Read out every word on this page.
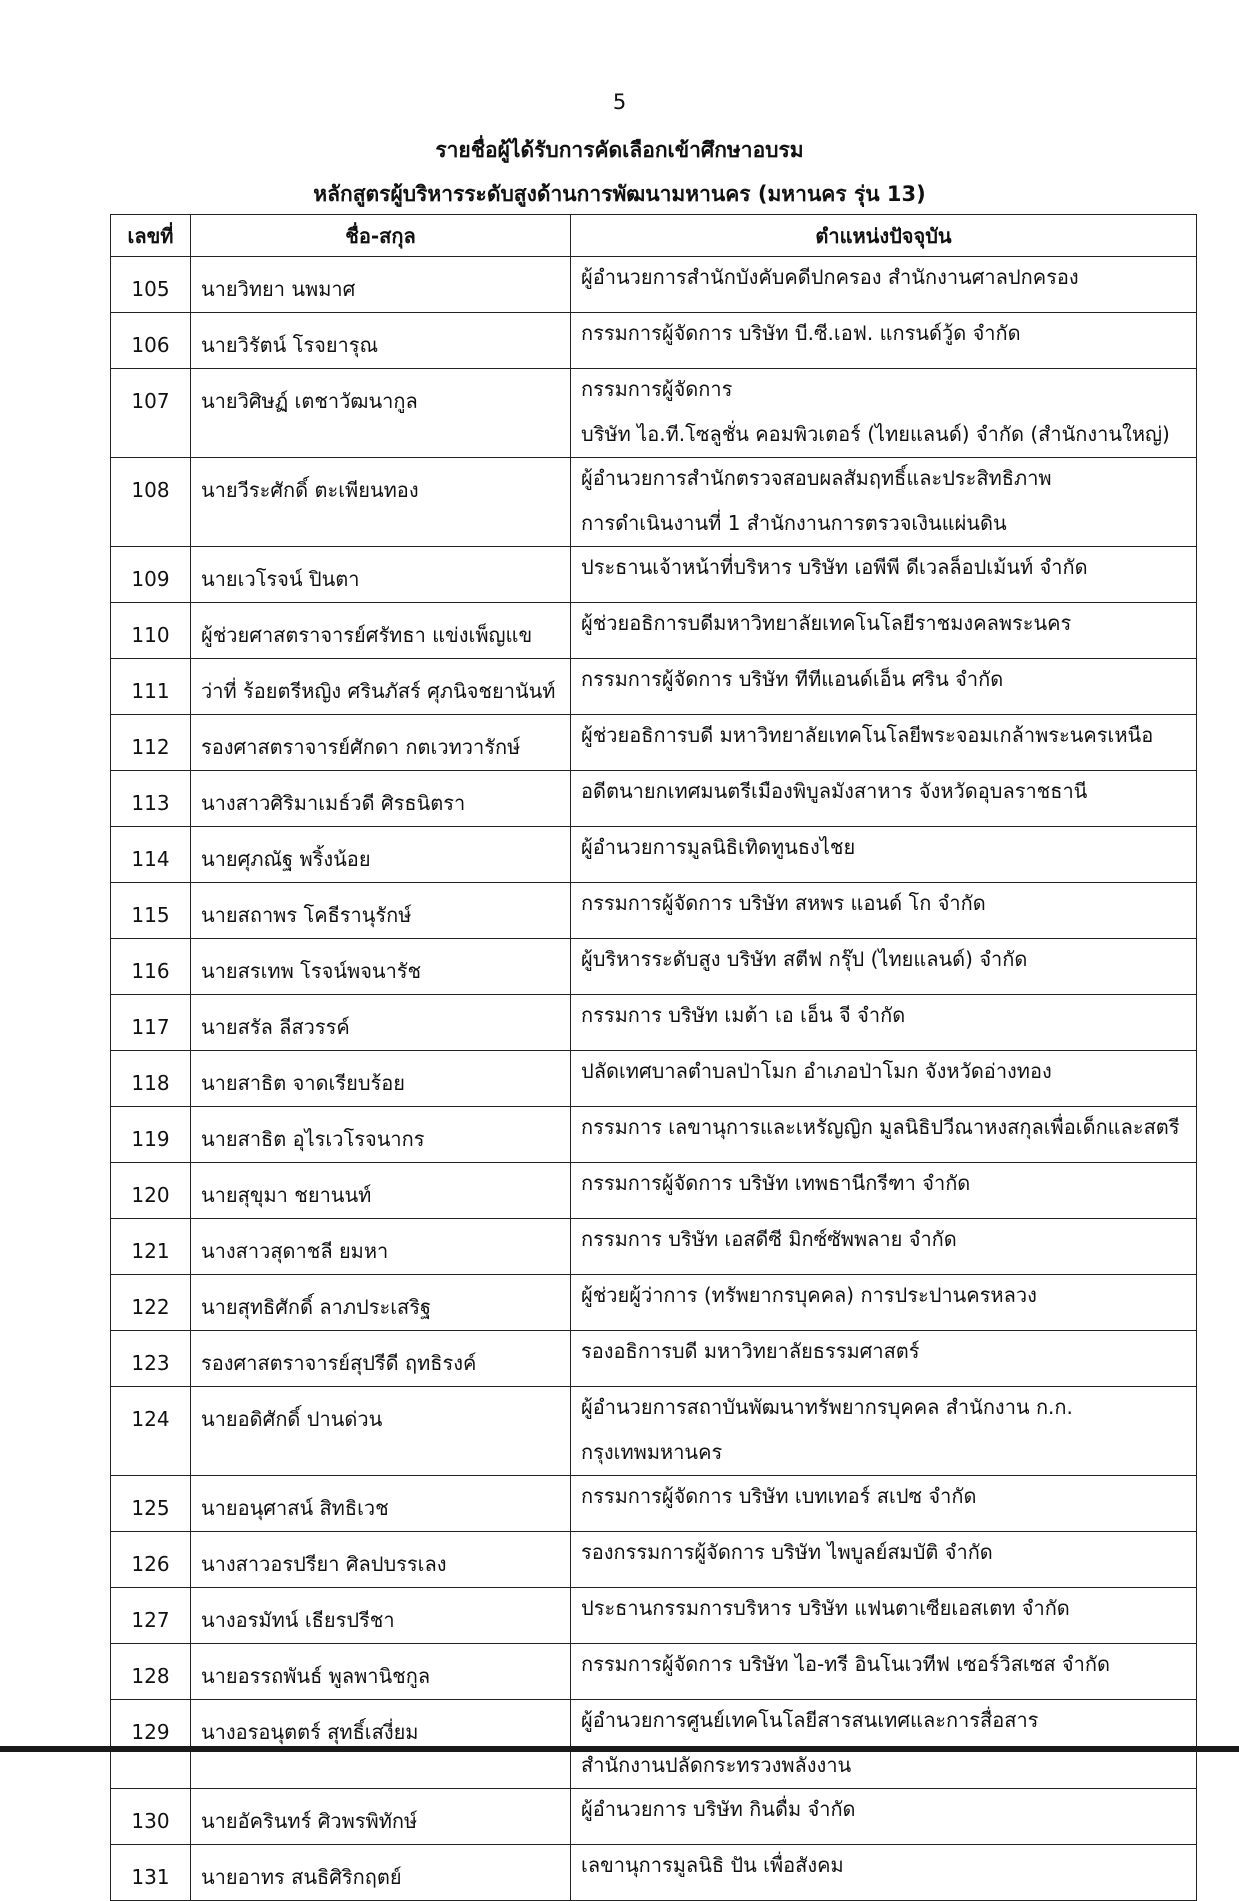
5
รายชื่อผู้ได้รับการคัดเลือกเข้าศึกษาอบรม
หลักสูตรผู้บริหารระดับสูงด้านการพัฒนามหานคร (มหานคร รุ่น 13)
เลขที่	ชื่อ-สกุล	ตำแหน่งปัจจุบัน
105	นายวิทยา นพมาศ	ผู้อำนวยการสำนักบังคับคดีปกครอง สำนักงานศาลปกครอง

106	นายวิรัตน์ โรจยารุณ	กรรมการผู้จัดการ บริษัท บี.ซี.เอฟ. แกรนด์วู้ด จำกัด

107	นายวิศิษฏ์ เตชาวัฒนากูล	กรรมการผู้จัดการ
บริษัท ไอ.ที.โซลูชั่น คอมพิวเตอร์ (ไทยแลนด์) จำกัด (สำนักงานใหญ่)

108	นายวีระศักดิ์ ตะเพียนทอง	ผู้อำนวยการสำนักตรวจสอบผลสัมฤทธิ์และประสิทธิภาพ
การดำเนินงานที่ 1 สำนักงานการตรวจเงินแผ่นดิน

109	นายเวโรจน์ ปินตา	ประธานเจ้าหน้าที่บริหาร บริษัท เอพีพี ดีเวลล็อปเม้นท์ จำกัด

110	ผู้ช่วยศาสตราจารย์ศรัทธา แข่งเพ็ญแข	ผู้ช่วยอธิการบดีมหาวิทยาลัยเทคโนโลยีราชมงคลพระนคร

111	ว่าที่ ร้อยตรีหญิง ศรินภัสร์ ศุภนิจชยานันท์	กรรมการผู้จัดการ บริษัท ทีทีแอนด์เอ็น ศริน จำกัด

112	รองศาสตราจารย์ศักดา กตเวทวารักษ์	ผู้ช่วยอธิการบดี มหาวิทยาลัยเทคโนโลยีพระจอมเกล้าพระนครเหนือ

113	นางสาวศิริมาเมธ์วดี ศิรธนิตรา	อดีตนายกเทศมนตรีเมืองพิบูลมังสาหาร จังหวัดอุบลราชธานี

114	นายศุภณัฐ พริ้งน้อย	ผู้อำนวยการมูลนิธิเทิดทูนธงไชย

115	นายสถาพร โคธีรานุรักษ์	กรรมการผู้จัดการ บริษัท สหพร แอนด์ โก จำกัด

116	นายสรเทพ โรจน์พจนารัช	ผู้บริหารระดับสูง บริษัท สตีฟ กรุ๊ป (ไทยแลนด์) จำกัด

117	นายสรัล ลีสวรรค์	กรรมการ บริษัท เมต้า เอ เอ็น จี จำกัด

118	นายสาธิต จาดเรียบร้อย	ปลัดเทศบาลตำบลป่าโมก อำเภอป่าโมก จังหวัดอ่างทอง

119	นายสาธิต อุไรเวโรจนากร	กรรมการ เลขานุการและเหรัญญิก มูลนิธิปวีณาหงสกุลเพื่อเด็กและสตรี

120	นายสุขุมา ชยานนท์	กรรมการผู้จัดการ บริษัท เทพธานีกรีฑา จำกัด

121	นางสาวสุดาชลี ยมหา	กรรมการ บริษัท เอสดีซี มิกซ์ซัพพลาย จำกัด

122	นายสุทธิศักดิ์ ลาภประเสริฐ	ผู้ช่วยผู้ว่าการ (ทรัพยากรบุคคล) การประปานครหลวง

123	รองศาสตราจารย์สุปรีดี ฤทธิรงค์	รองอธิการบดี มหาวิทยาลัยธรรมศาสตร์

124	นายอดิศักดิ์ ปานด่วน	ผู้อำนวยการสถาบันพัฒนาทรัพยากรบุคคล สำนักงาน ก.ก.
กรุงเทพมหานคร

125	นายอนุศาสน์ สิทธิเวช	กรรมการผู้จัดการ บริษัท เบทเทอร์ สเปซ จำกัด

126	นางสาวอรปรียา ศิลปบรรเลง	รองกรรมการผู้จัดการ บริษัท ไพบูลย์สมบัติ จำกัด

127	นางอรมัทน์ เธียรปรีชา	ประธานกรรมการบริหาร บริษัท แฟนตาเซียเอสเตท จำกัด

128	นายอรรถพันธ์ พูลพานิชกูล	กรรมการผู้จัดการ บริษัท ไอ-ทรี อินโนเวทีฟ เซอร์วิสเซส จำกัด

129	นางอรอนุตตร์ สุทธิ์เสงี่ยม	ผู้อำนวยการศูนย์เทคโนโลยีสารสนเทศและการสื่อสาร
สำนักงานปลัดกระทรวงพลังงาน

130	นายอัครินทร์ ศิวพรพิทักษ์	ผู้อำนวยการ บริษัท กินดื่ม จำกัด

131	นายอาทร สนธิศิริกฤตย์	เลขานุการมูลนิธิ ปัน เพื่อสังคม
